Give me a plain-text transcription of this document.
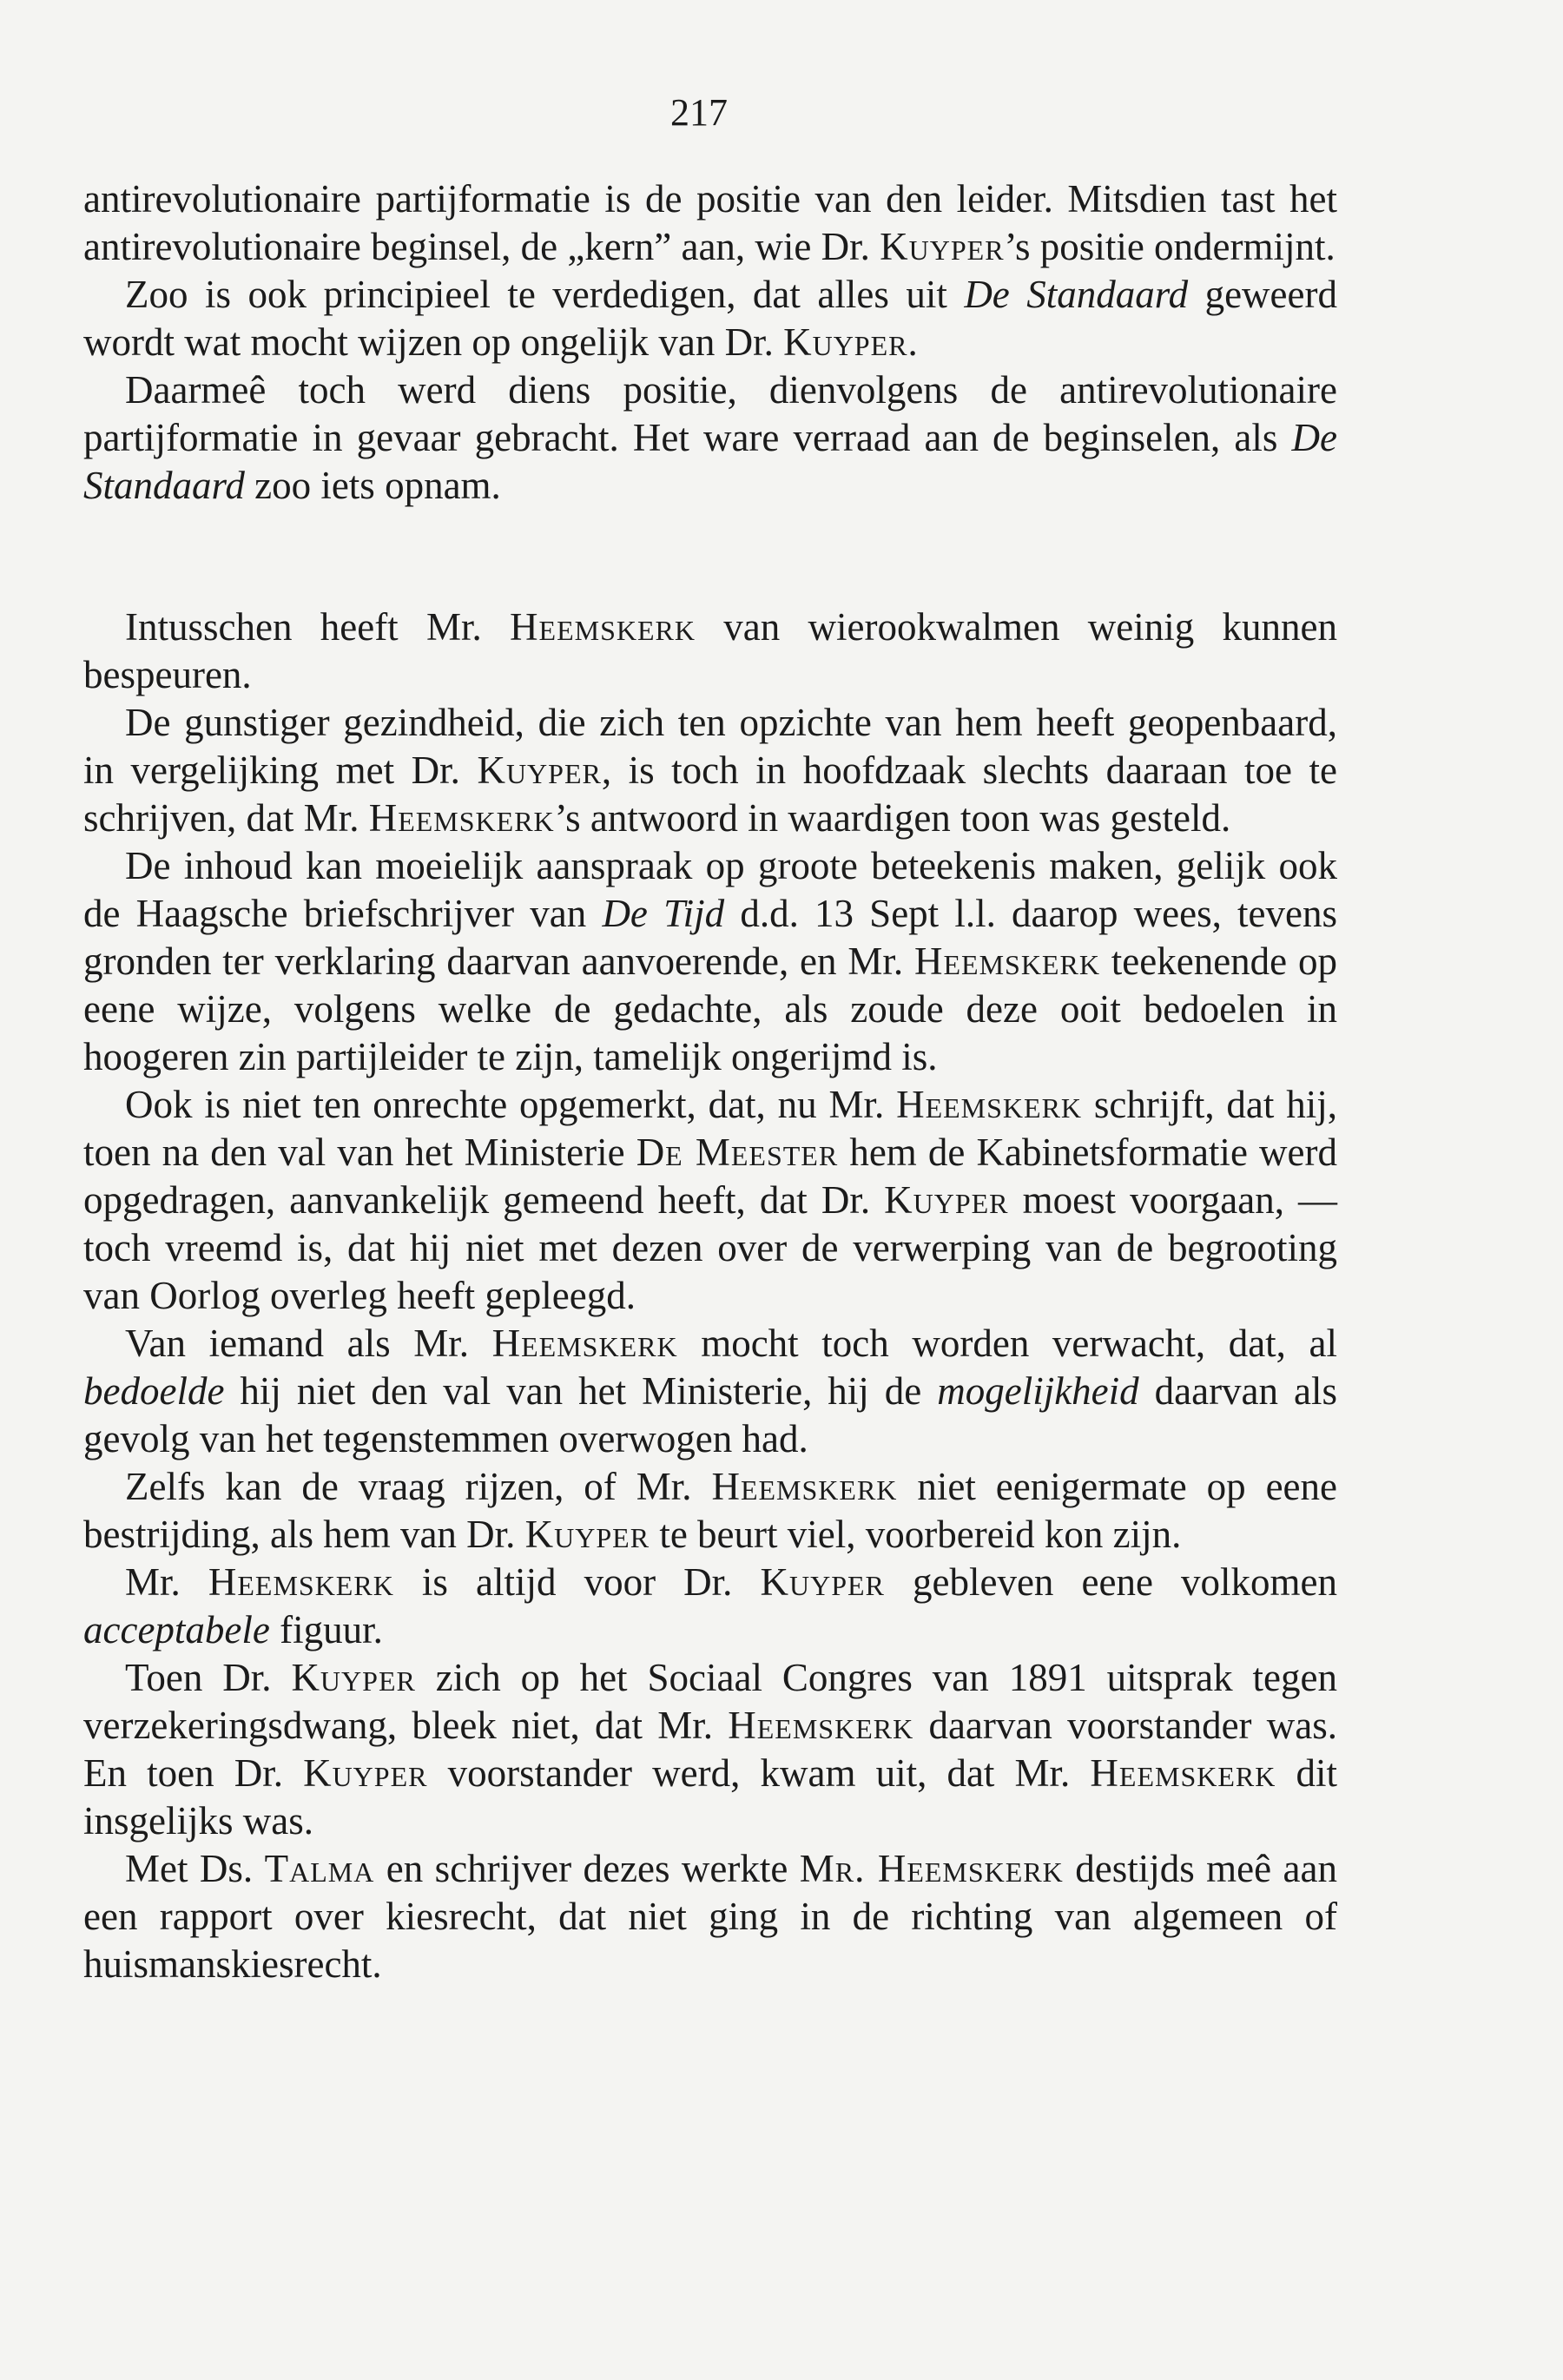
217

antirevolutionaire partijformatie is de positie van den leider. Mitsdien tast het antirevolutionaire beginsel, de „kern” aan, wie Dr. Kuyper’s positie ondermijnt.

Zoo is ook principieel te verdedigen, dat alles uit De Standaard geweerd wordt wat mocht wijzen op ongelijk van Dr. Kuyper.

Daarmeê toch werd diens positie, dienvolgens de antirevolutionaire partijformatie in gevaar gebracht. Het ware verraad aan de beginselen, als De Standaard zoo iets opnam.

Intusschen heeft Mr. Heemskerk van wierookwalmen weinig kunnen bespeuren.

De gunstiger gezindheid, die zich ten opzichte van hem heeft geopenbaard, in vergelijking met Dr. Kuyper, is toch in hoofdzaak slechts daaraan toe te schrijven, dat Mr. Heemskerk’s antwoord in waardigen toon was gesteld.

De inhoud kan moeielijk aanspraak op groote beteekenis maken, gelijk ook de Haagsche briefschrijver van De Tijd d.d. 13 Sept l.l. daarop wees, tevens gronden ter verklaring daarvan aanvoerende, en Mr. Heemskerk teekenende op eene wijze, volgens welke de gedachte, als zoude deze ooit bedoelen in hoogeren zin partijleider te zijn, tamelijk ongerijmd is.

Ook is niet ten onrechte opgemerkt, dat, nu Mr. Heemskerk schrijft, dat hij, toen na den val van het Ministerie De Meester hem de Kabinetsformatie werd opgedragen, aanvankelijk gemeend heeft, dat Dr. Kuyper moest voorgaan, — toch vreemd is, dat hij niet met dezen over de verwerping van de begrooting van Oorlog overleg heeft gepleegd.

Van iemand als Mr. Heemskerk mocht toch worden verwacht, dat, al bedoelde hij niet den val van het Ministerie, hij de mogelijkheid daarvan als gevolg van het tegenstemmen overwogen had.

Zelfs kan de vraag rijzen, of Mr. Heemskerk niet eenigermate op eene bestrijding, als hem van Dr. Kuyper te beurt viel, voorbereid kon zijn.

Mr. Heemskerk is altijd voor Dr. Kuyper gebleven eene volkomen acceptabele figuur.

Toen Dr. Kuyper zich op het Sociaal Congres van 1891 uitsprak tegen verzekeringsdwang, bleek niet, dat Mr. Heemskerk daarvan voorstander was. En toen Dr. Kuyper voorstander werd, kwam uit, dat Mr. Heemskerk dit insgelijks was.

Met Ds. Talma en schrijver dezes werkte Mr. Heemskerk destijds meê aan een rapport over kiesrecht, dat niet ging in de richting van algemeen of huismanskiesrecht.
